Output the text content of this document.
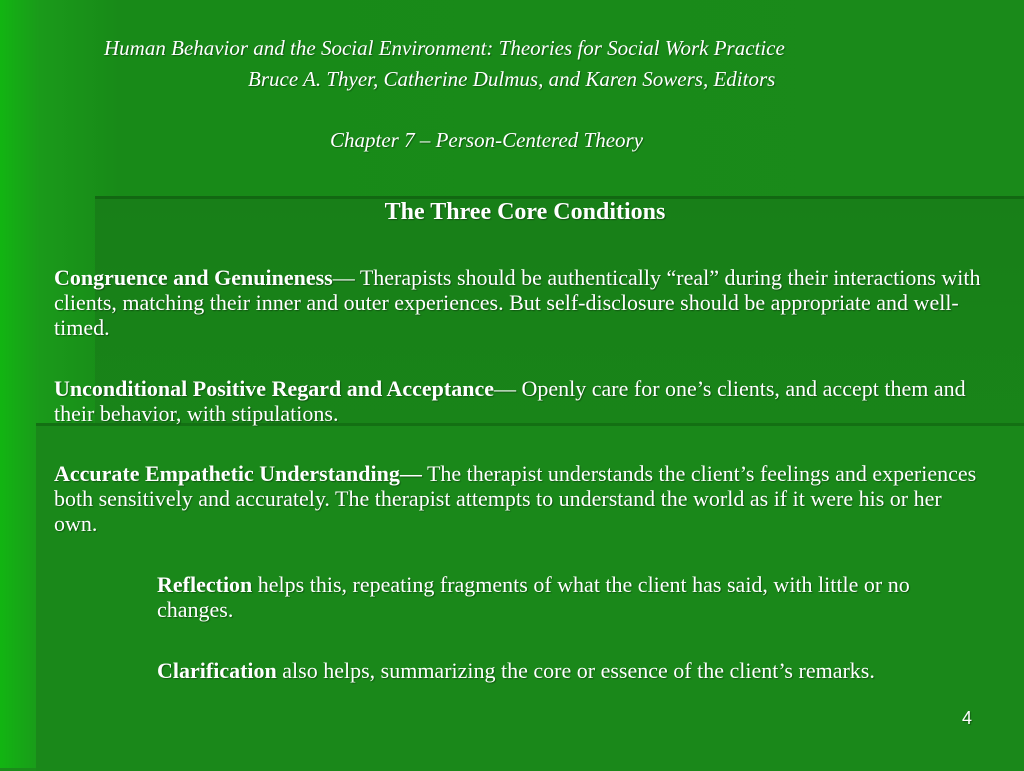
Human Behavior and the Social Environment: Theories for Social Work Practice
Bruce A. Thyer, Catherine Dulmus, and Karen Sowers, Editors
Chapter 7 – Person-Centered Theory
The Three Core Conditions
Congruence and Genuineness— Therapists should be authentically “real” during their interactions with clients, matching their inner and outer experiences. But self-disclosure should be appropriate and well-timed.
Unconditional Positive Regard and Acceptance— Openly care for one’s clients, and accept them and their behavior, with stipulations.
Accurate Empathetic Understanding— The therapist understands the client’s feelings and experiences both sensitively and accurately. The therapist attempts to understand the world as if it were his or her own.
Reflection helps this, repeating fragments of what the client has said, with little or no changes.
Clarification also helps, summarizing the core or essence of the client’s remarks.
4
